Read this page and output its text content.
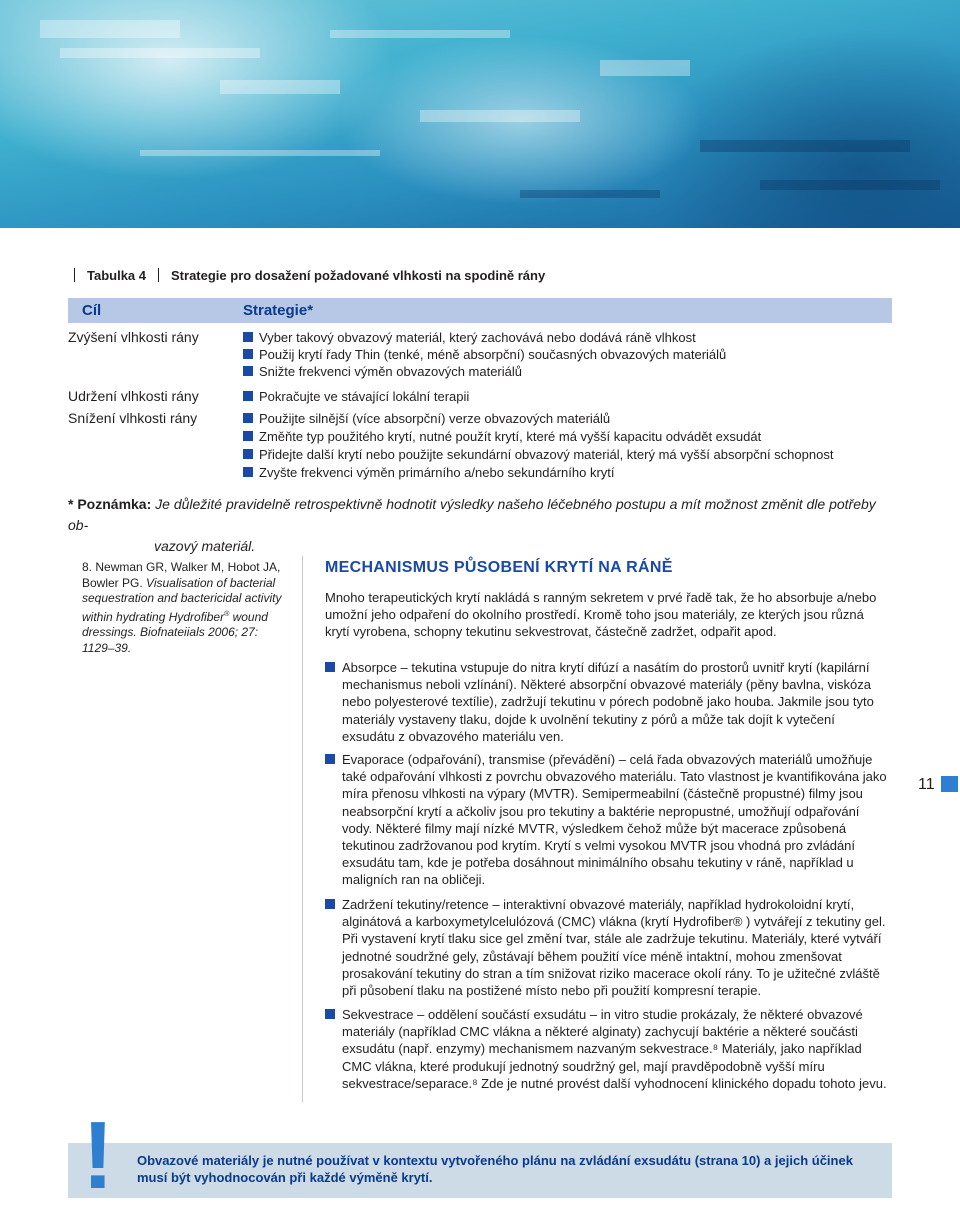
Tabulka 4 Strategie pro dosažení požadované vlhkosti na spodině rány
Cíl	Strategie*
Zvýšení vlhkosti rány
Udržení vlhkosti rány
Snížení vlhkosti rány
Vyber takový obvazový materiál, který zachovává nebo dodává ráně vlhkost
Použij krytí řady Thin (tenké, méně absorpční) současných obvazových materiálů
Snižte frekvenci výměn obvazových materiálů
Pokračujte ve stávající lokální terapii
Použijte silnější (více absorpční) verze obvazových materiálů
Změňte typ použitého krytí, nutné použít krytí, které má vyšší kapacitu odvádět exsudát
Přidejte další krytí nebo použijte sekundární obvazový materiál, který má vyšší absorpční schopnost
Zvyšte frekvenci výměn primárního a/nebo sekundárního krytí
* Poznámka: Je důležité pravidelně retrospektivně hodnotit výsledky našeho léčebného postupu a mít možnost změnit dle potřeby ob-
vazový materiál.
8. Newman GR, Walker M, Hobot JA, Bowler PG. Visualisation of bacterial sequestration and bactericidal activity within hydrating Hydrofiber® wound dressings. Biofnateiials 2006; 27: 1129–39.
MECHANISMUS PŮSOBENÍ KRYTÍ NA RÁNĚ
Mnoho terapeutických krytí nakládá s ranným sekretem v prvé řadě tak, že ho absorbuje a/nebo umožní jeho odpaření do okolního prostředí. Kromě toho jsou materiály, ze kterých jsou různá krytí vyrobena, schopny tekutinu sekvestrovat, částečně zadržet, odpařit apod.
Absorpce – tekutina vstupuje do nitra krytí difúzí a nasátím do prostorů uvnitř krytí (kapilární mechanismus neboli vzlínání). Některé absorpční obvazové materiály (pěny bavlna, viskóza nebo polyesterové textílie), zadržují tekutinu v pórech podobně jako houba. Jakmile jsou tyto materiály vystaveny tlaku, dojde k uvolnění tekutiny z pórů a může tak dojít k vytečení exsudátu z obvazového materiálu ven.
Evaporace (odpařování), transmise (převádění) – celá řada obvazových materiálů umožňuje také odpařování vlhkosti z povrchu obvazového materiálu. Tato vlastnost je kvantifikována jako míra přenosu vlhkosti na výpary (MVTR). Semipermeabilní (částečně propustné) filmy jsou neabsorpční krytí a ačkoliv jsou pro tekutiny a baktérie nepropustné, umožňují odpařování vody. Některé filmy mají nízké MVTR, výsledkem čehož může být macerace způsobená tekutinou zadržovanou pod krytím. Krytí s velmi vysokou MVTR jsou vhodná pro zvládání exsudátu tam, kde je potřeba dosáhnout minimálního obsahu tekutiny v ráně, například u maligních ran na obličeji.
Zadržení tekutiny/retence – interaktivní obvazové materiály, například hydrokoloidní krytí, alginátová a karboxymetylcelulózová (CMC) vlákna (krytí Hydrofiber® ) vytvářejí z tekutiny gel. Při vystavení krytí tlaku sice gel změní tvar, stále ale zadržuje tekutinu. Materiály, které vytváří jednotné soudržné gely, zůstávají během použití více méně intaktní, mohou zmenšovat prosakování tekutiny do stran a tím snižovat riziko macerace okolí rány. To je užitečné zvláště při působení tlaku na postižené místo nebo při použití kompresní terapie.
Sekvestrace – oddělení součástí exsudátu – in vitro studie prokázaly, že některé obvazové materiály (například CMC vlákna a některé alginaty) zachycují baktérie a některé součásti exsudátu (např. enzymy) mechanismem nazvaným sekvestrace.⁸ Materiály, jako například CMC vlákna, které produkují jednotný soudržný gel, mají pravděpodobně vyšší míru sekvestrace/separace.⁸ Zde je nutné provést další vyhodnocení klinického dopadu tohoto jevu.
11
! Obvazové materiály je nutné používat v kontextu vytvořeného plánu na zvládání exsudátu (strana 10) a jejich účinek musí být vyhodnocován při každé výměně krytí.
